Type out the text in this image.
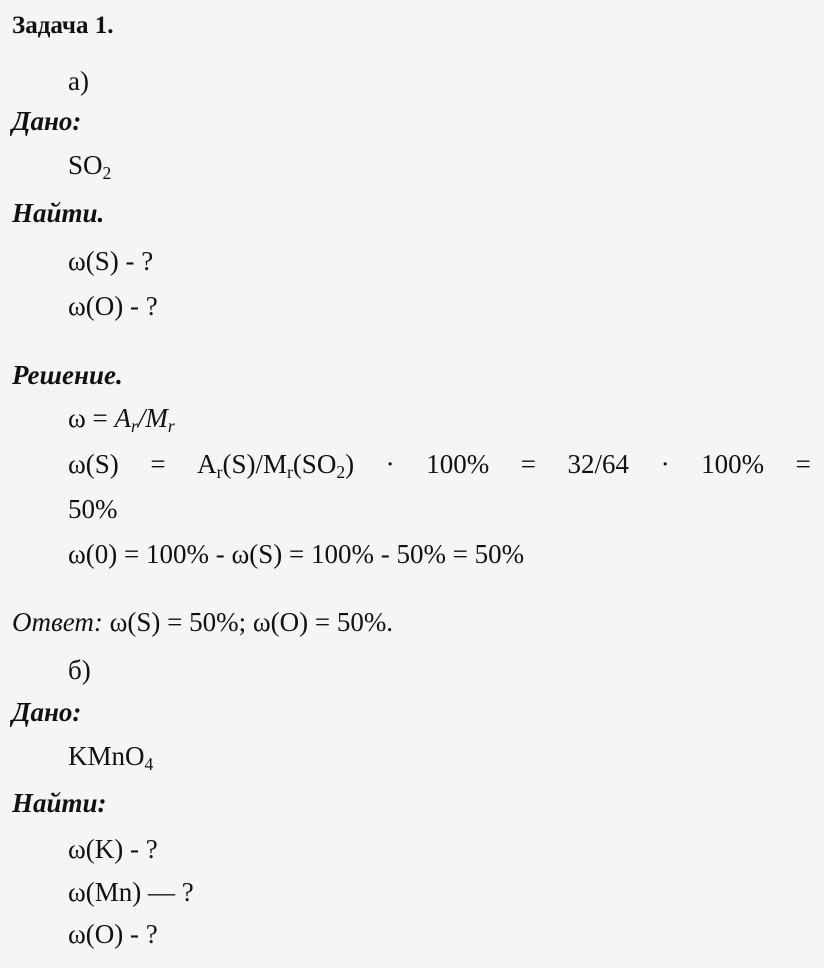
Задача 1.
а)
Дано:
$SO_2$
Найти.
ω(S) - ?
ω(O) - ?
Решение.
$\omega = A_r/M_r$
$\omega(S) = A_r(S)/M_r(SO_2) \cdot 100\% = 32/64 \cdot 100\%$ =
50%
ω(0) = 100% - ω(S) = 100% - 50% = 50%
Ответ: ω(S) = 50%; ω(O) = 50%.
б)
Дано:
KMnO$_4$
Найти:
ω(K) - ?
ω(Mn) — ?
ω(O) - ?
